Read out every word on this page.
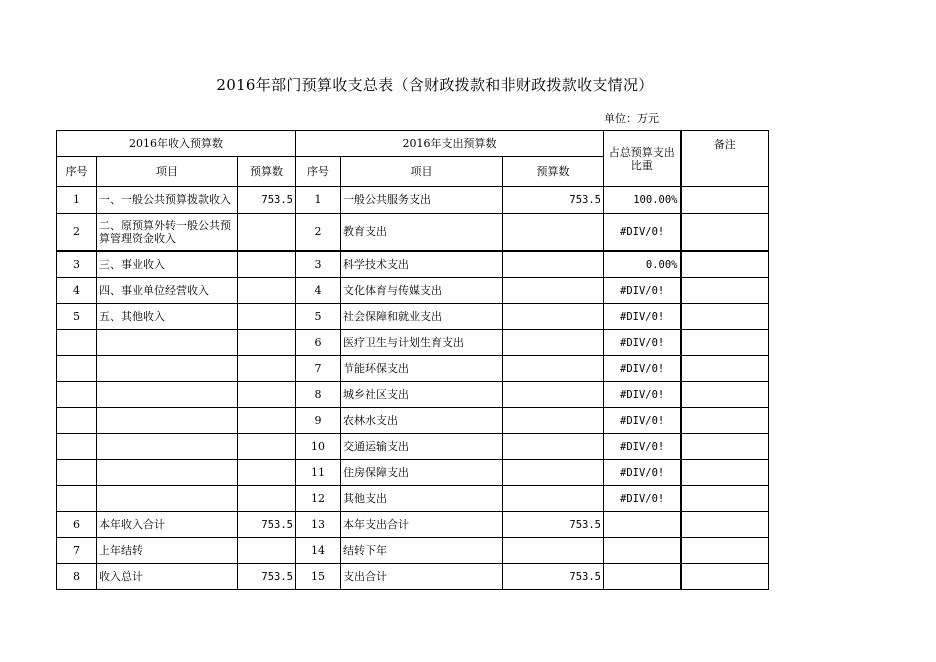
2016年部门预算收支总表（含财政拨款和非财政拨款收支情况）
单位：万元
2016年收入预算数			2016年支出预算数			占总预算支出比重	备注
序号	项目	预算数	序号	项目	预算数		
1	一、一般公共预算拨款收入	753.5	1	一般公共服务支出	753.5	100.00%	
2	二、原预算外转一般公共预算管理资金收入		2	教育支出		#DIV/0!	
3	三、事业收入		3	科学技术支出		0.00%	
4	四、事业单位经营收入		4	文化体育与传媒支出		#DIV/0!	
5	五、其他收入		5	社会保障和就业支出		#DIV/0!	
			6	医疗卫生与计划生育支出		#DIV/0!	
			7	节能环保支出		#DIV/0!	
			8	城乡社区支出		#DIV/0!	
			9	农林水支出		#DIV/0!	
			10	交通运输支出		#DIV/0!	
			11	住房保障支出		#DIV/0!	
			12	其他支出		#DIV/0!	
6	本年收入合计	753.5	13	本年支出合计	753.5		
7	上年结转		14	结转下年			
8	收入总计	753.5	15	支出合计	753.5		
